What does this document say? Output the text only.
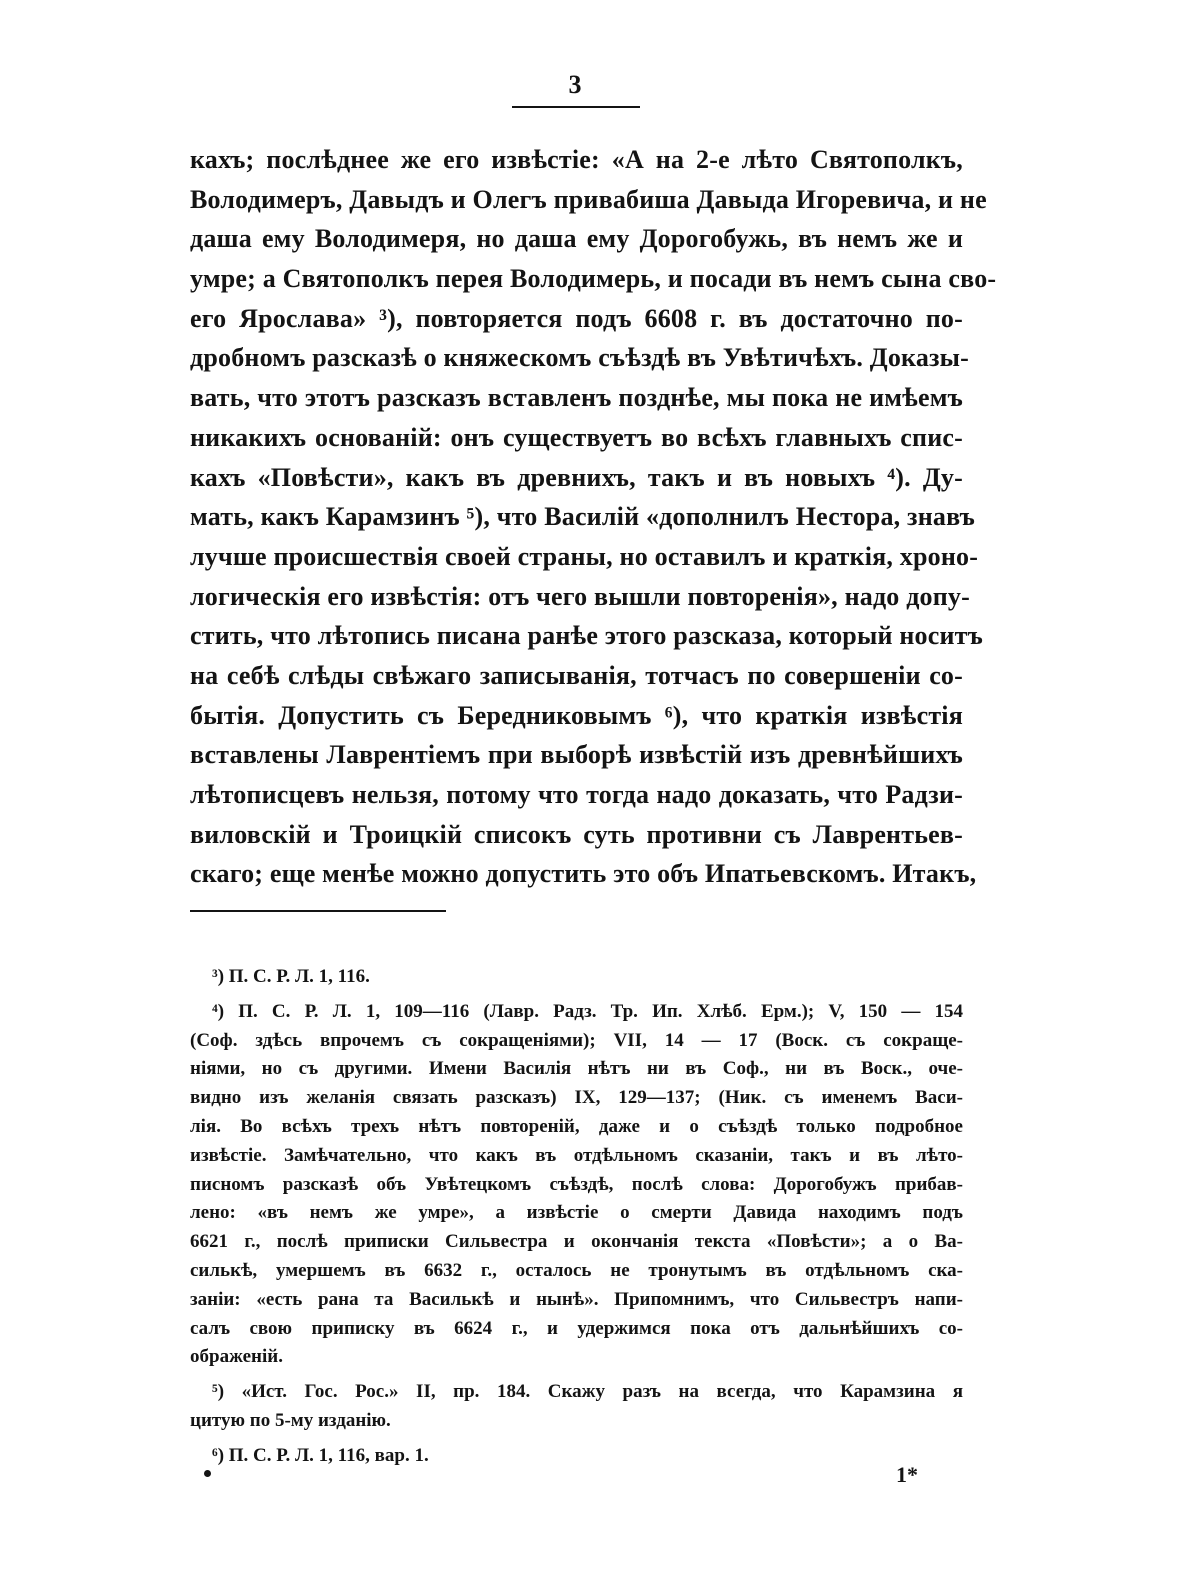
3
кахъ; послѣднее же его извѣстіе: «А на 2-е лѣто Святополкъ,
Володимеръ, Давыдъ и Олегъ привабиша Давыда Игоревича, и не
даша ему Володимеря, но даша ему Дорогобужь, въ немъ же и
умре; а Святополкъ перея Володимерь, и посади въ немъ сына сво-
его Ярослава» ³), повторяется подъ 6608 г. въ достаточно по-
дробномъ разсказѣ о княжескомъ съѣздѣ въ Увѣтичѣхъ. Доказы-
вать, что этотъ разсказъ вставленъ позднѣе, мы пока не имѣемъ
никакихъ основаній: онъ существуетъ во всѣхъ главныхъ спис-
кахъ «Повѣсти», какъ въ древнихъ, такъ и въ новыхъ ⁴). Ду-
мать, какъ Карамзинъ ⁵), что Василій «дополнилъ Нестора, знавъ
лучше происшествія своей страны, но оставилъ и краткія, хроно-
логическія его извѣстія: отъ чего вышли повторенія», надо допу-
стить, что лѣтопись писана ранѣе этого разсказа, который носитъ
на себѣ слѣды свѣжаго записыванія, тотчасъ по совершеніи со-
бытія. Допустить съ Бередниковымъ ⁶), что краткія извѣстія
вставлены Лаврентіемъ при выборѣ извѣстій изъ древнѣйшихъ
лѣтописцевъ нельзя, потому что тогда надо доказать, что Радзи-
виловскій и Троицкій списокъ суть противни съ Лаврентьев-
скаго; еще менѣе можно допустить это объ Ипатьевскомъ. Итакъ,
³) П. С. Р. Л. 1, 116.
⁴) П. С. Р. Л. 1, 109—116 (Лавр. Радз. Тр. Ип. Хлѣб. Ерм.); V, 150 — 154
(Соф. здѣсь впрочемъ съ сокращеніями); VII, 14 — 17 (Воск. съ сокраще-
ніями, но съ другими. Имени Василія нѣтъ ни въ Соф., ни въ Воск., оче-
видно изъ желанія связать разсказъ) IX, 129—137; (Ник. съ именемъ Васи-
лія. Во всѣхъ трехъ нѣтъ повтореній, даже и о съѣздѣ только подробное
извѣстіе. Замѣчательно, что какъ въ отдѣльномъ сказаніи, такъ и въ лѣто-
писномъ разсказѣ объ Увѣтецкомъ съѣздѣ, послѣ слова: Дорогобужъ прибав-
лено: «въ немъ же умре», а извѣстіе о смерти Давида находимъ подъ
6621 г., послѣ приписки Сильвестра и окончанія текста «Повѣсти»; а о Ва-
силькѣ, умершемъ въ 6632 г., осталось не тронутымъ въ отдѣльномъ ска-
заніи: «есть рана та Василькѣ и нынѣ». Припомнимъ, что Сильвестръ напи-
салъ свою приписку въ 6624 г., и удержимся пока отъ дальнѣйшихъ со-
ображеній.
⁵) «Ист. Гос. Рос.» II, пр. 184. Скажу разъ на всегда, что Карамзина я
цитую по 5-му изданію.
⁶) П. С. Р. Л. 1, 116, вар. 1.
1*
